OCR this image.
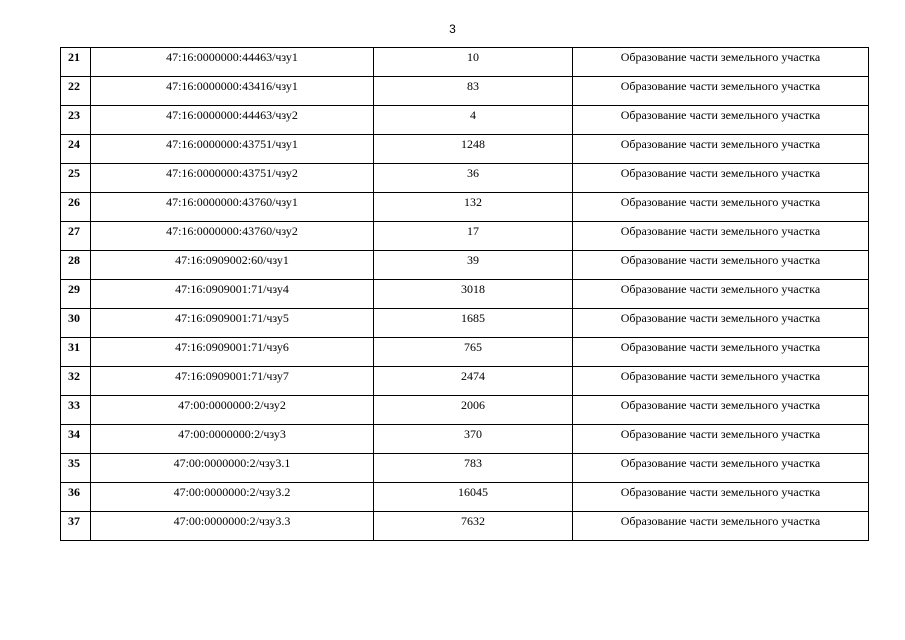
3
21	47:16:0000000:44463/чзу1	10	Образование части земельного участка

22	47:16:0000000:43416/чзу1	83	Образование части земельного участка

23	47:16:0000000:44463/чзу2	4	Образование части земельного участка

24	47:16:0000000:43751/чзу1	1248	Образование части земельного участка

25	47:16:0000000:43751/чзу2	36	Образование части земельного участка

26	47:16:0000000:43760/чзу1	132	Образование части земельного участка

27	47:16:0000000:43760/чзу2	17	Образование части земельного участка

28	47:16:0909002:60/чзу1	39	Образование части земельного участка

29	47:16:0909001:71/чзу4	3018	Образование части земельного участка

30	47:16:0909001:71/чзу5	1685	Образование части земельного участка

31	47:16:0909001:71/чзу6	765	Образование части земельного участка

32	47:16:0909001:71/чзу7	2474	Образование части земельного участка

33	47:00:0000000:2/чзу2	2006	Образование части земельного участка

34	47:00:0000000:2/чзу3	370	Образование части земельного участка

35	47:00:0000000:2/чзу3.1	783	Образование части земельного участка

36	47:00:0000000:2/чзу3.2	16045	Образование части земельного участка

37	47:00:0000000:2/чзу3.3	7632	Образование части земельного участка
